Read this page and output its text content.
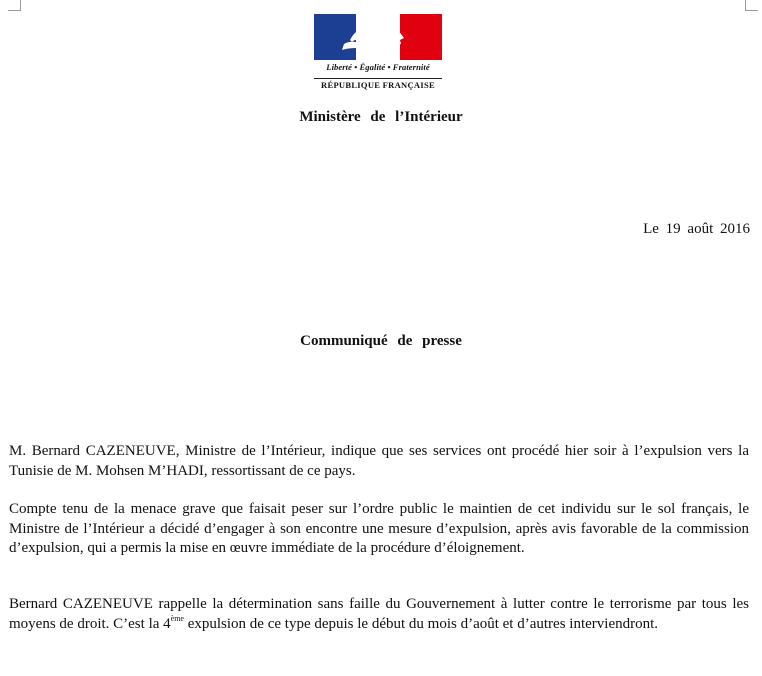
Liberté • Égalité • Fraternité
RÉPUBLIQUE FRANÇAISE
Ministère de l’Intérieur
Le 19 août 2016
Communiqué de presse

M. Bernard CAZENEUVE, Ministre de l’Intérieur, indique que ses services ont procédé hier soir à l’expulsion vers la Tunisie de M. Mohsen M’HADI, ressortissant de ce pays.

Compte tenu de la menace grave que faisait peser sur l’ordre public le maintien de cet individu sur le sol français, le Ministre de l’Intérieur a décidé d’engager à son encontre une mesure d’expulsion, après avis favorable de la commission d’expulsion, qui a permis la mise en œuvre immédiate de la procédure d’éloignement.

Bernard CAZENEUVE rappelle la détermination sans faille du Gouvernement à lutter contre le terrorisme par tous les moyens de droit. C’est la 4ème expulsion de ce type depuis le début du mois d’août et d’autres interviendront.
